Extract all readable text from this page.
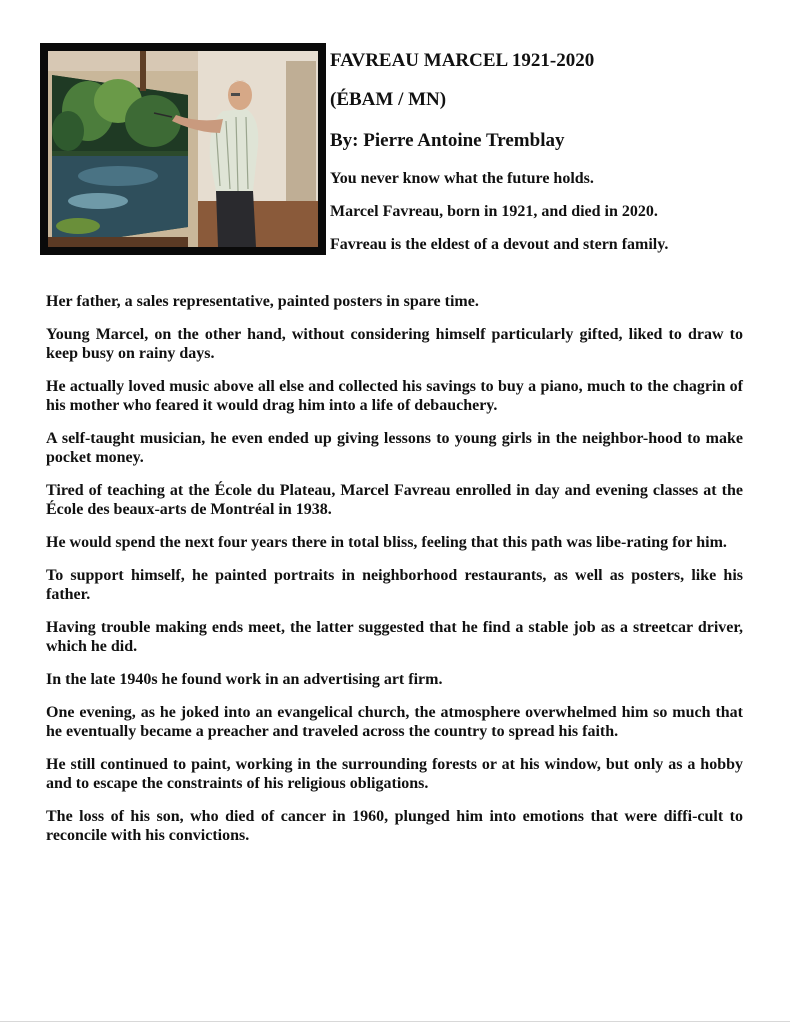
FAVREAU MARCEL 1921-2020
(ÉBAM / MN)
By: Pierre Antoine Tremblay

You never know what the future holds.

Marcel Favreau, born in 1921, and died in 2020.

Favreau is the eldest of a devout and stern family.

Her father, a sales representative, painted posters in spare time.

Young Marcel, on the other hand, without considering himself particularly gifted, liked to draw to keep busy on rainy days.

He actually loved music above all else and collected his savings to buy a piano, much to the chagrin of his mother who feared it would drag him into a life of debauchery.

A self-taught musician, he even ended up giving lessons to young girls in the neighbor-hood to make pocket money.

Tired of teaching at the École du Plateau, Marcel Favreau enrolled in day and evening classes at the École des beaux-arts de Montréal in 1938.

He would spend the next four years there in total bliss, feeling that this path was libe-rating for him.

To support himself, he painted portraits in neighborhood restaurants, as well as posters, like his father.

Having trouble making ends meet, the latter suggested that he find a stable job as a streetcar driver, which he did.

In the late 1940s he found work in an advertising art firm.

One evening, as he joked into an evangelical church, the atmosphere overwhelmed him so much that he eventually became a preacher and traveled across the country to spread his faith.

He still continued to paint, working in the surrounding forests or at his window, but only as a hobby and to escape the constraints of his religious obligations.

The loss of his son, who died of cancer in 1960, plunged him into emotions that were diffi-cult to reconcile with his convictions.
